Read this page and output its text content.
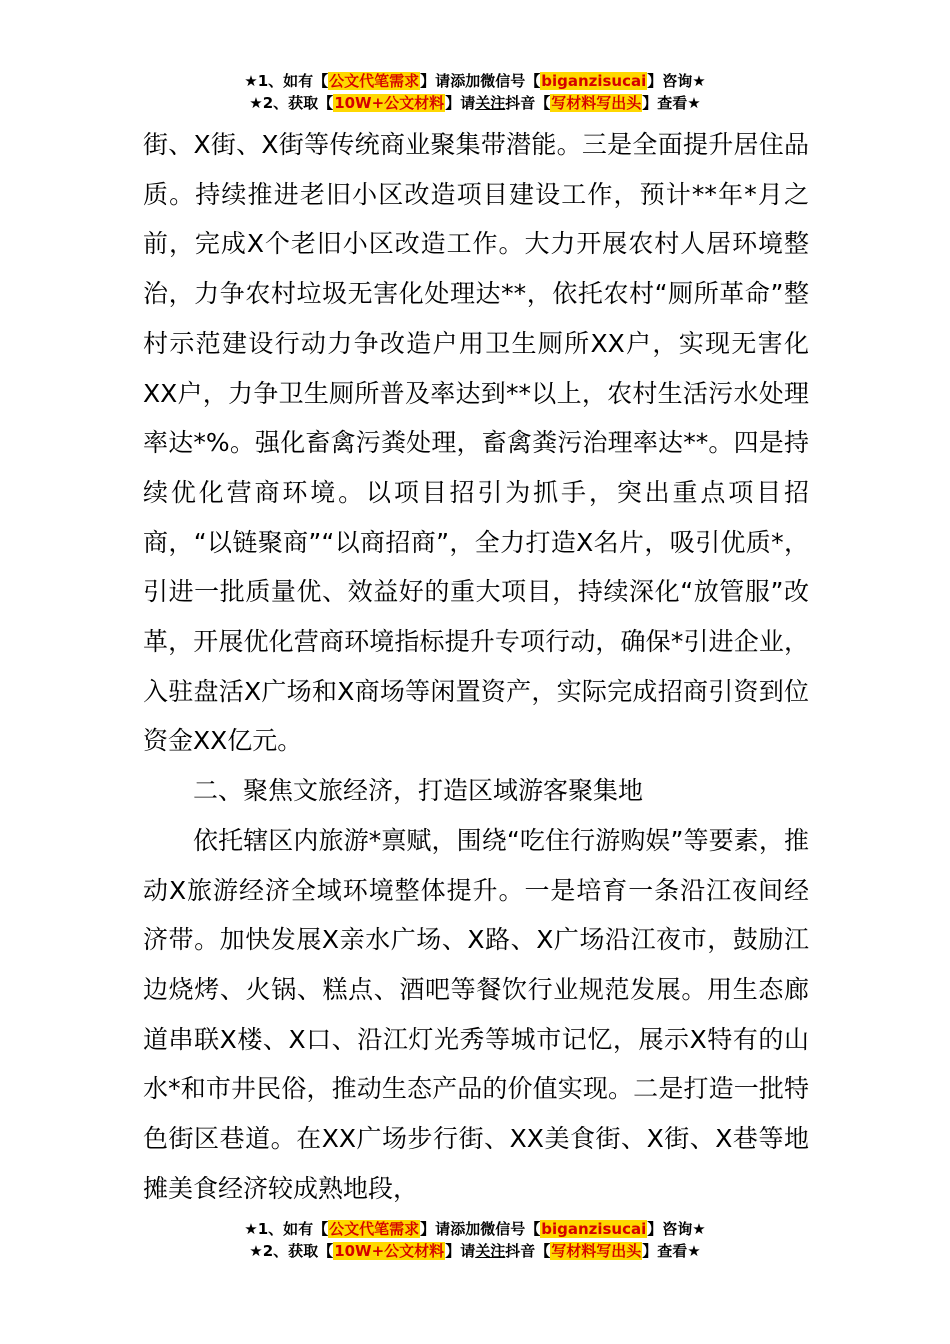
★1、如有【公文代笔需求】请添加微信号【biganzisucai】咨询★
★2、获取【10W+公文材料】请关注抖音【写材料写出头】查看★

街、X街、X街等传统商业聚集带潜能。三是全面提升居住品质。持续推进老旧小区改造项目建设工作，预计**年*月之前，完成X个老旧小区改造工作。大力开展农村人居环境整治，力争农村垃圾无害化处理达**，依托农村“厕所革命”整村示范建设行动力争改造户用卫生厕所XX户，实现无害化XX户，力争卫生厕所普及率达到**以上，农村生活污水处理率达*%。强化畜禽污粪处理，畜禽粪污治理率达**。四是持续优化营商环境。以项目招引为抓手，突出重点项目招商，“以链聚商”“以商招商”，全力打造X名片，吸引优质*，引进一批质量优、效益好的重大项目，持续深化“放管服”改革，开展优化营商环境指标提升专项行动，确保*引进企业，入驻盘活X广场和X商场等闲置资产，实际完成招商引资到位资金XX亿元。

二、聚焦文旅经济，打造区域游客聚集地

依托辖区内旅游*禀赋，围绕“吃住行游购娱”等要素，推动X旅游经济全域环境整体提升。一是培育一条沿江夜间经济带。加快发展X亲水广场、X路、X广场沿江夜市，鼓励江边烧烤、火锅、糕点、酒吧等餐饮行业规范发展。用生态廊道串联X楼、X口、沿江灯光秀等城市记忆，展示X特有的山水*和市井民俗，推动生态产品的价值实现。二是打造一批特色街区巷道。在XX广场步行街、XX美食街、X街、X巷等地摊美食经济较成熟地段，

★1、如有【公文代笔需求】请添加微信号【biganzisucai】咨询★
★2、获取【10W+公文材料】请关注抖音【写材料写出头】查看★
